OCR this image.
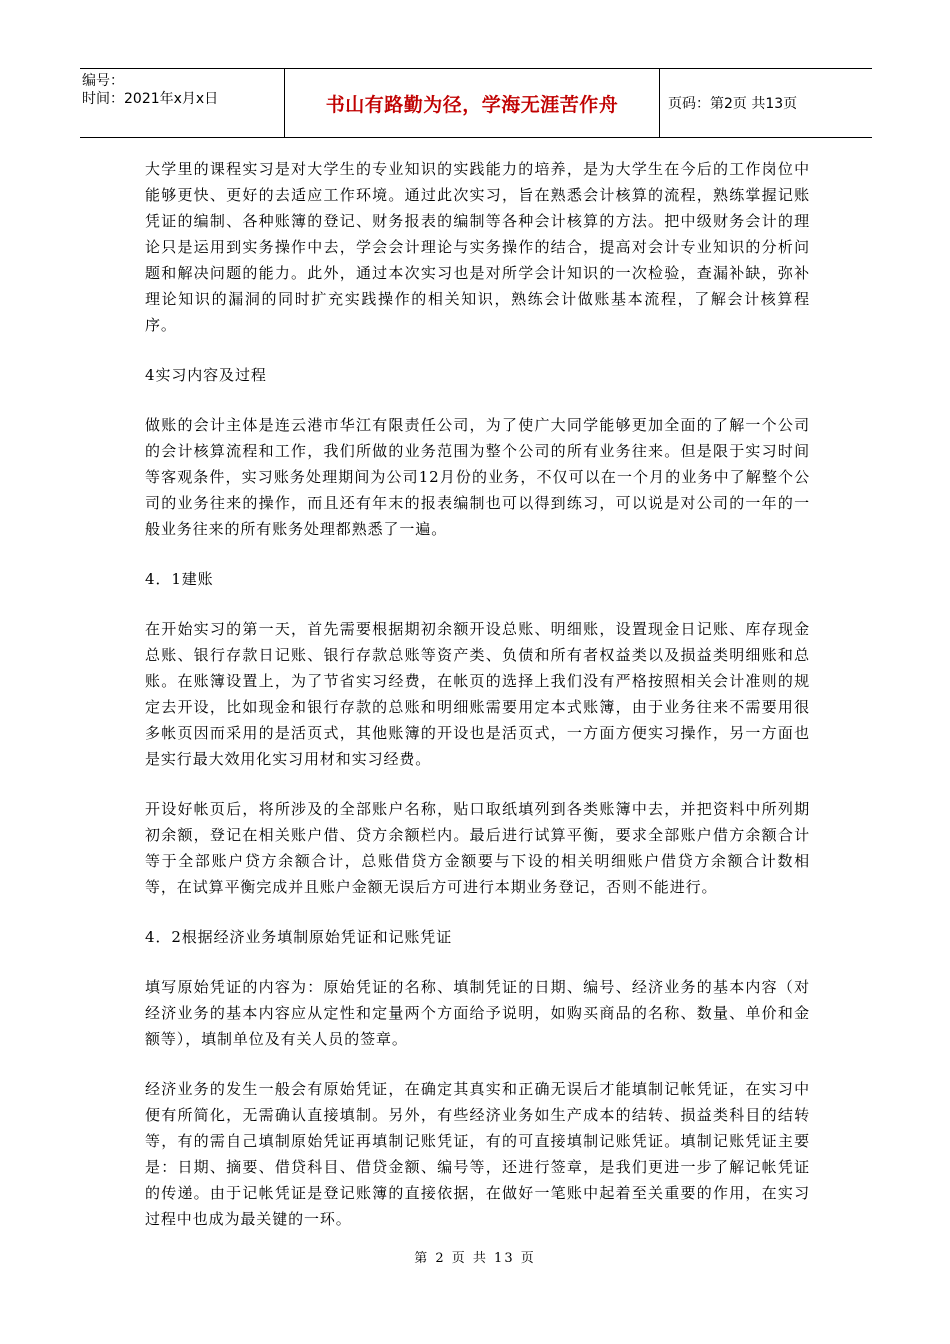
编号：
时间：2021年x月x日	书山有路勤为径，学海无涯苦作舟	页码：第2页 共13页

大学里的课程实习是对大学生的专业知识的实践能力的培养，是为大学生在今后的工作岗位中能够更快、更好的去适应工作环境。通过此次实习，旨在熟悉会计核算的流程，熟练掌握记账凭证的编制、各种账簿的登记、财务报表的编制等各种会计核算的方法。把中级财务会计的理论只是运用到实务操作中去，学会会计理论与实务操作的结合，提高对会计专业知识的分析问题和解决问题的能力。此外，通过本次实习也是对所学会计知识的一次检验，查漏补缺，弥补理论知识的漏洞的同时扩充实践操作的相关知识，熟练会计做账基本流程，了解会计核算程序。

4实习内容及过程

做账的会计主体是连云港市华江有限责任公司，为了使广大同学能够更加全面的了解一个公司的会计核算流程和工作，我们所做的业务范围为整个公司的所有业务往来。但是限于实习时间等客观条件，实习账务处理期间为公司12月份的业务，不仅可以在一个月的业务中了解整个公司的业务往来的操作，而且还有年末的报表编制也可以得到练习，可以说是对公司的一年的一般业务往来的所有账务处理都熟悉了一遍。

4．1建账

在开始实习的第一天，首先需要根据期初余额开设总账、明细账，设置现金日记账、库存现金总账、银行存款日记账、银行存款总账等资产类、负债和所有者权益类以及损益类明细账和总账。在账簿设置上，为了节省实习经费，在帐页的选择上我们没有严格按照相关会计准则的规定去开设，比如现金和银行存款的总账和明细账需要用定本式账簿，由于业务往来不需要用很多帐页因而采用的是活页式，其他账簿的开设也是活页式，一方面方便实习操作，另一方面也是实行最大效用化实习用材和实习经费。

开设好帐页后，将所涉及的全部账户名称，贴口取纸填列到各类账簿中去，并把资料中所列期初余额，登记在相关账户借、贷方余额栏内。最后进行试算平衡，要求全部账户借方余额合计等于全部账户贷方余额合计，总账借贷方金额要与下设的相关明细账户借贷方余额合计数相等，在试算平衡完成并且账户金额无误后方可进行本期业务登记，否则不能进行。

4．2根据经济业务填制原始凭证和记账凭证

填写原始凭证的内容为：原始凭证的名称、填制凭证的日期、编号、经济业务的基本内容（对经济业务的基本内容应从定性和定量两个方面给予说明，如购买商品的名称、数量、单价和金额等），填制单位及有关人员的签章。

经济业务的发生一般会有原始凭证，在确定其真实和正确无误后才能填制记帐凭证，在实习中便有所简化，无需确认直接填制。另外，有些经济业务如生产成本的结转、损益类科目的结转等，有的需自己填制原始凭证再填制记账凭证，有的可直接填制记账凭证。填制记账凭证主要是：日期、摘要、借贷科目、借贷金额、编号等，还进行签章，是我们更进一步了解记帐凭证的传递。由于记帐凭证是登记账簿的直接依据，在做好一笔账中起着至关重要的作用，在实习过程中也成为最关键的一环。

第 2 页 共 13 页
